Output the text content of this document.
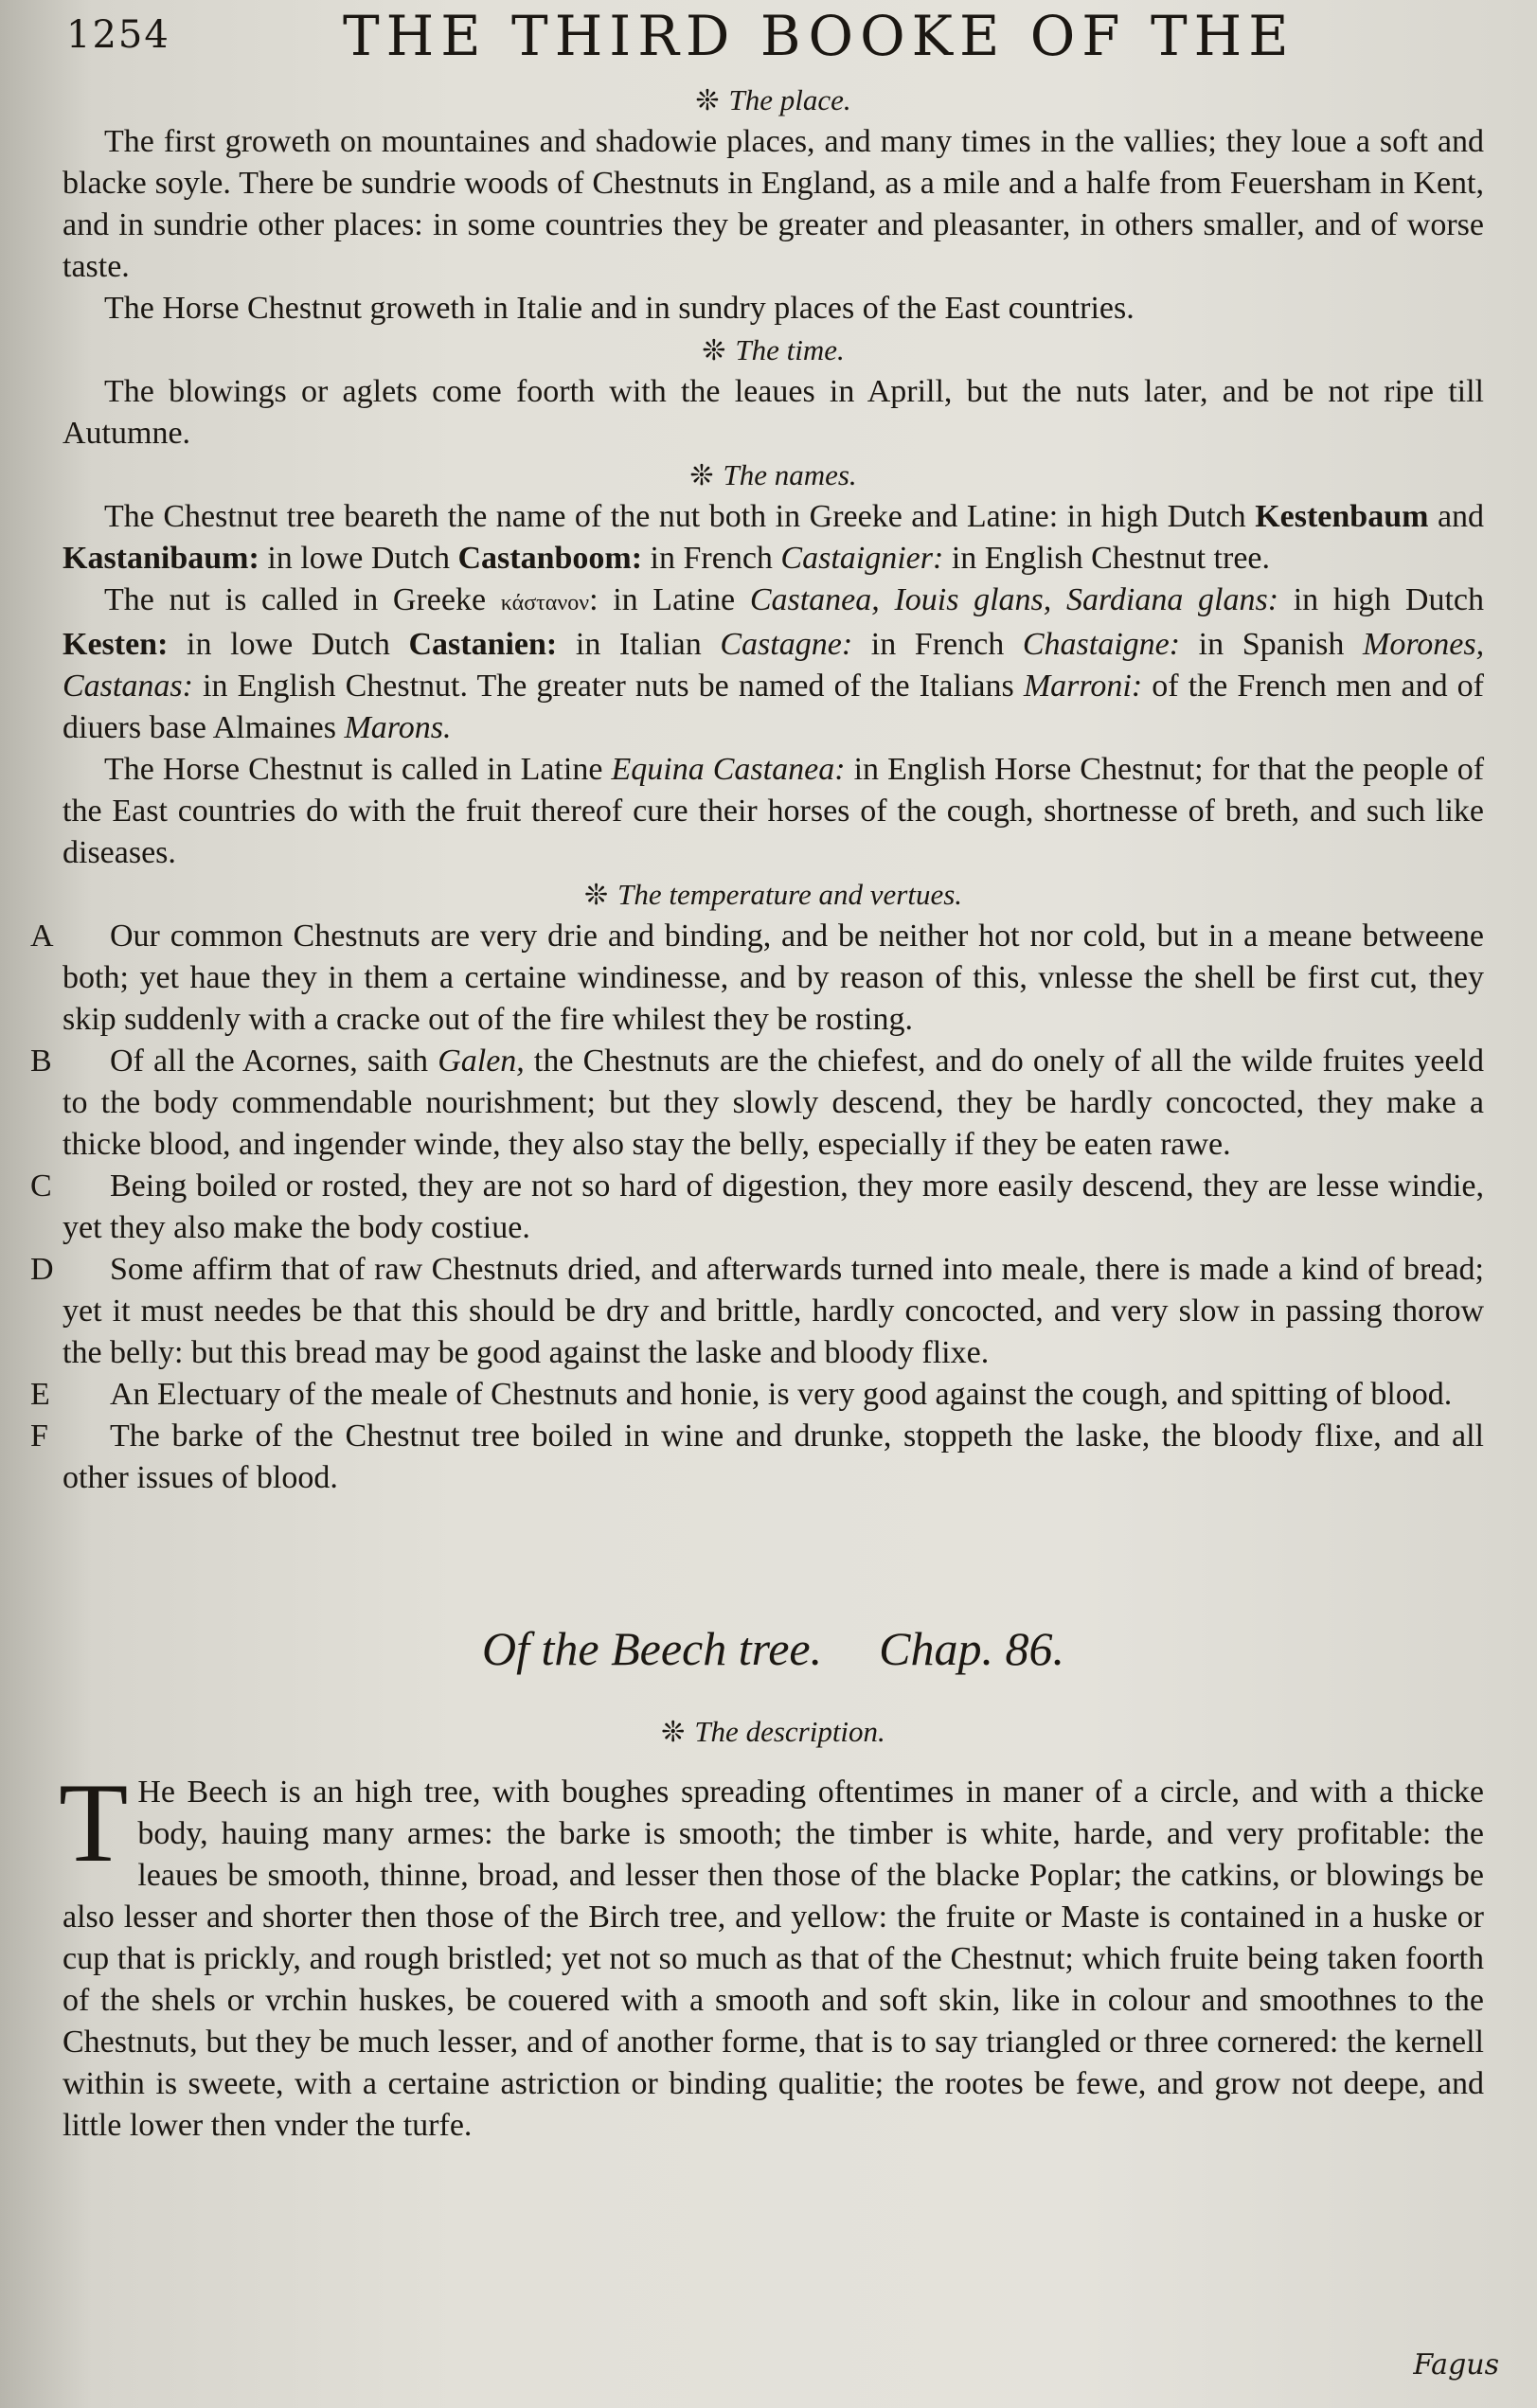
1254	THE THIRD BOOKE OF THE
❊ The place.

The first groweth on mountaines and shadowie places, and many times in the vallies; they loue a soft and blacke soyle. There be sundrie woods of Chestnuts in England, as a mile and a halfe from Feuersham in Kent, and in sundrie other places: in some countries they be greater and pleasanter, in others smaller, and of worse taste.

The Horse Chestnut groweth in Italie and in sundry places of the East countries.

❊ The time.

The blowings or aglets come foorth with the leaues in Aprill, but the nuts later, and be not ripe till Autumne.

❊ The names.

The Chestnut tree beareth the name of the nut both in Greeke and Latine: in high Dutch Kestenbaum and Kastanibaum: in lowe Dutch Castanboom: in French Castaignier: in English Chestnut tree.

The nut is called in Greeke κάστανον: in Latine Castanea, Iouis glans, Sardiana glans: in high Dutch Kesten: in lowe Dutch Castanien: in Italian Castagne: in French Chastaigne: in Spanish Morones, Castanas: in English Chestnut. The greater nuts be named of the Italians Marroni: of the French men and of diuers base Almaines Marons.

The Horse Chestnut is called in Latine Equina Castanea: in English Horse Chestnut; for that the people of the East countries do with the fruit thereof cure their horses of the cough, shortnesse of breth, and such like diseases.

❊ The temperature and vertues.

A Our common Chestnuts are very drie and binding, and be neither hot nor cold, but in a meane betweene both; yet haue they in them a certaine windinesse, and by reason of this, vnlesse the shell be first cut, they skip suddenly with a cracke out of the fire whilest they be rosting.

B Of all the Acornes, saith Galen, the Chestnuts are the chiefest, and do onely of all the wilde fruites yeeld to the body commendable nourishment; but they slowly descend, they be hardly concocted, they make a thicke blood, and ingender winde, they also stay the belly, especially if they be eaten rawe.

C Being boiled or rosted, they are not so hard of digestion, they more easily descend, they are lesse windie, yet they also make the body costiue.

D Some affirm that of raw Chestnuts dried, and afterwards turned into meale, there is made a kind of bread; yet it must needes be that this should be dry and brittle, hardly concocted, and very slow in passing thorow the belly: but this bread may be good against the laske and bloody flixe.

E An Electuary of the meale of Chestnuts and honie, is very good against the cough, and spitting of blood.

F The barke of the Chestnut tree boiled in wine and drunke, stoppeth the laske, the bloody flixe, and all other issues of blood.

Of the Beech tree. Chap. 86.
❊ The description.

T He Beech is an high tree, with boughes spreading oftentimes in maner of a circle, and with a thicke body, hauing many armes: the barke is smooth; the timber is white, harde, and very profitable: the leaues be smooth, thinne, broad, and lesser then those of the blacke Poplar; the catkins, or blowings be also lesser and shorter then those of the Birch tree, and yellow: the fruite or Maste is contained in a huske or cup that is prickly, and rough bristled; yet not so much as that of the Chestnut; which fruite being taken foorth of the shels or vrchin huskes, be couered with a smooth and soft skin, like in colour and smoothnes to the Chestnuts, but they be much lesser, and of another forme, that is to say triangled or three cornered: the kernell within is sweete, with a certaine astriction or binding qualitie; the rootes be fewe, and grow not deepe, and little lower then vnder the turfe.

Fagus
